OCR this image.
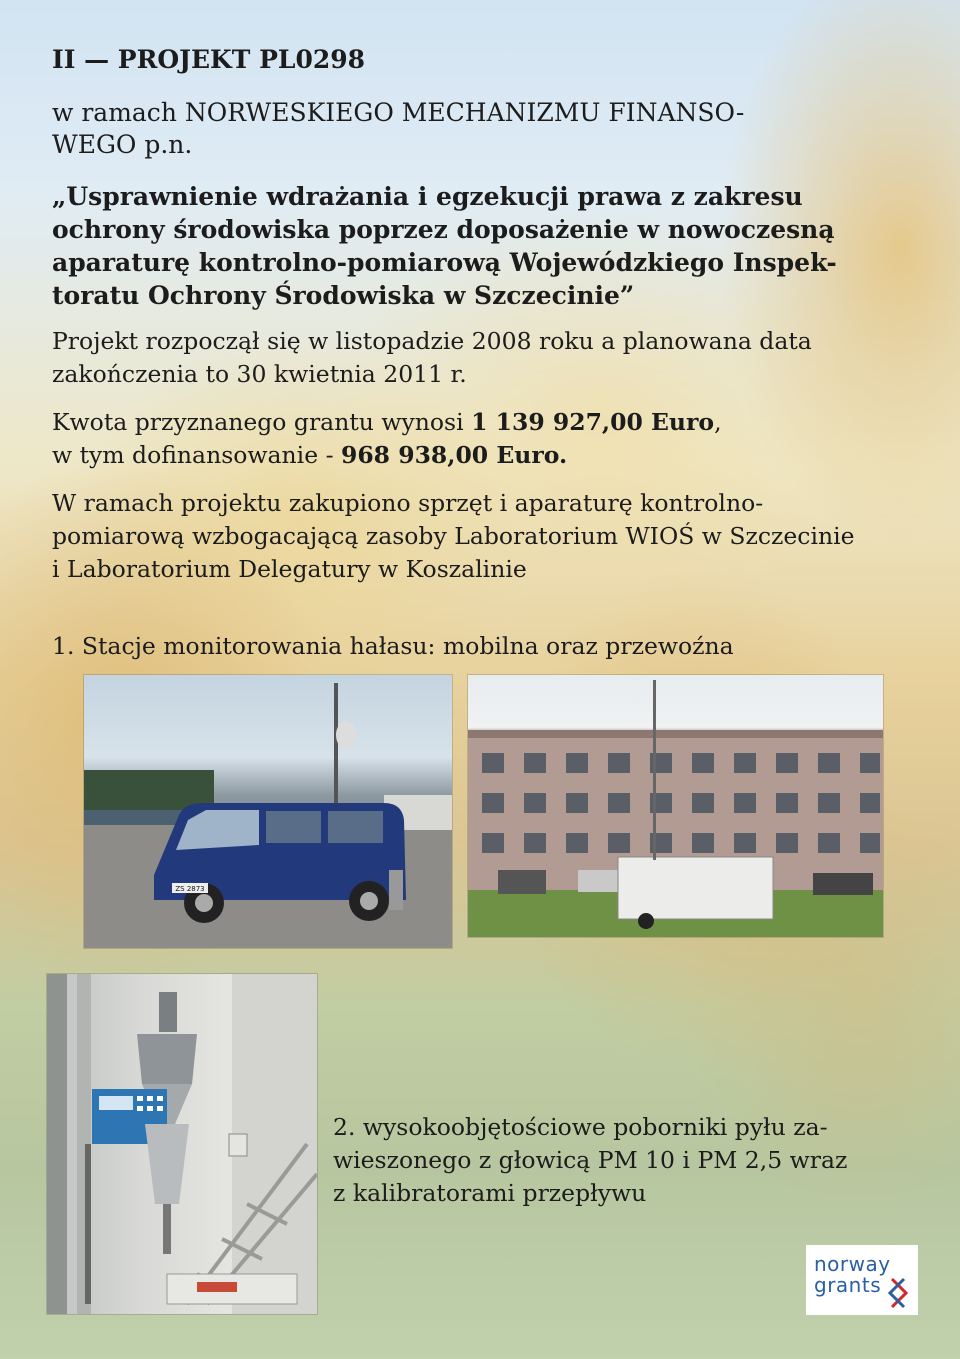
II — PROJEKT PL0298

w ramach NORWESKIEGO MECHANIZMU FINANSO-

WEGO p.n.

„Usprawnienie wdrażania i egzekucji prawa z zakresu

ochrony środowiska poprzez doposażenie w nowoczesną

aparaturę kontrolno-pomiarową Wojewódzkiego Inspek-

toratu Ochrony Środowiska w Szczecinie”

Projekt rozpoczął się w listopadzie 2008 roku a planowana data

zakończenia to 30 kwietnia 2011 r.

Kwota przyznanego grantu wynosi 1 139 927,00 Euro,

w tym dofinansowanie - 968 938,00 Euro.

W ramach projektu zakupiono sprzęt i aparaturę kontrolno-

pomiarową wzbogacającą zasoby Laboratorium WIOŚ w Szczecinie

i Laboratorium Delegatury w Koszalinie

1. Stacje monitorowania hałasu: mobilna oraz przewoźna

ZS 2873

2. wysokoobjętościowe poborniki pyłu za-

wieszonego z głowicą PM 10 i PM 2,5 wraz

z kalibratorami przepływu

norway
grants
